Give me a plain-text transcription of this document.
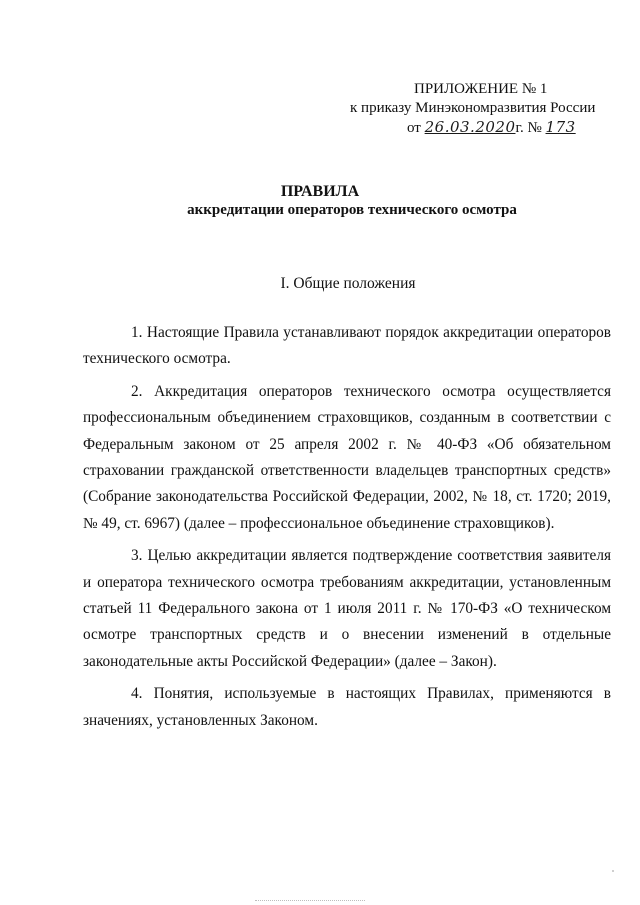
ПРИЛОЖЕНИЕ № 1
к приказу Минэкономразвития России
от 26.03.2020г. № 173
ПРАВИЛА
аккредитации операторов технического осмотра
I. Общие положения

1. Настоящие Правила устанавливают порядок аккредитации операторов технического осмотра.

2. Аккредитация операторов технического осмотра осуществляется профессиональным объединением страховщиков, созданным в соответствии с Федеральным законом от 25 апреля 2002 г. № 40-ФЗ «Об обязательном страховании гражданской ответственности владельцев транспортных средств» (Собрание законодательства Российской Федерации, 2002, № 18, ст. 1720; 2019, № 49, ст. 6967) (далее – профессиональное объединение страховщиков).

3. Целью аккредитации является подтверждение соответствия заявителя и оператора технического осмотра требованиям аккредитации, установленным статьей 11 Федерального закона от 1 июля 2011 г. № 170-ФЗ «О техническом осмотре транспортных средств и о внесении изменений в отдельные законодательные акты Российской Федерации» (далее – Закон).

4. Понятия, используемые в настоящих Правилах, применяются в значениях, установленных Законом.
